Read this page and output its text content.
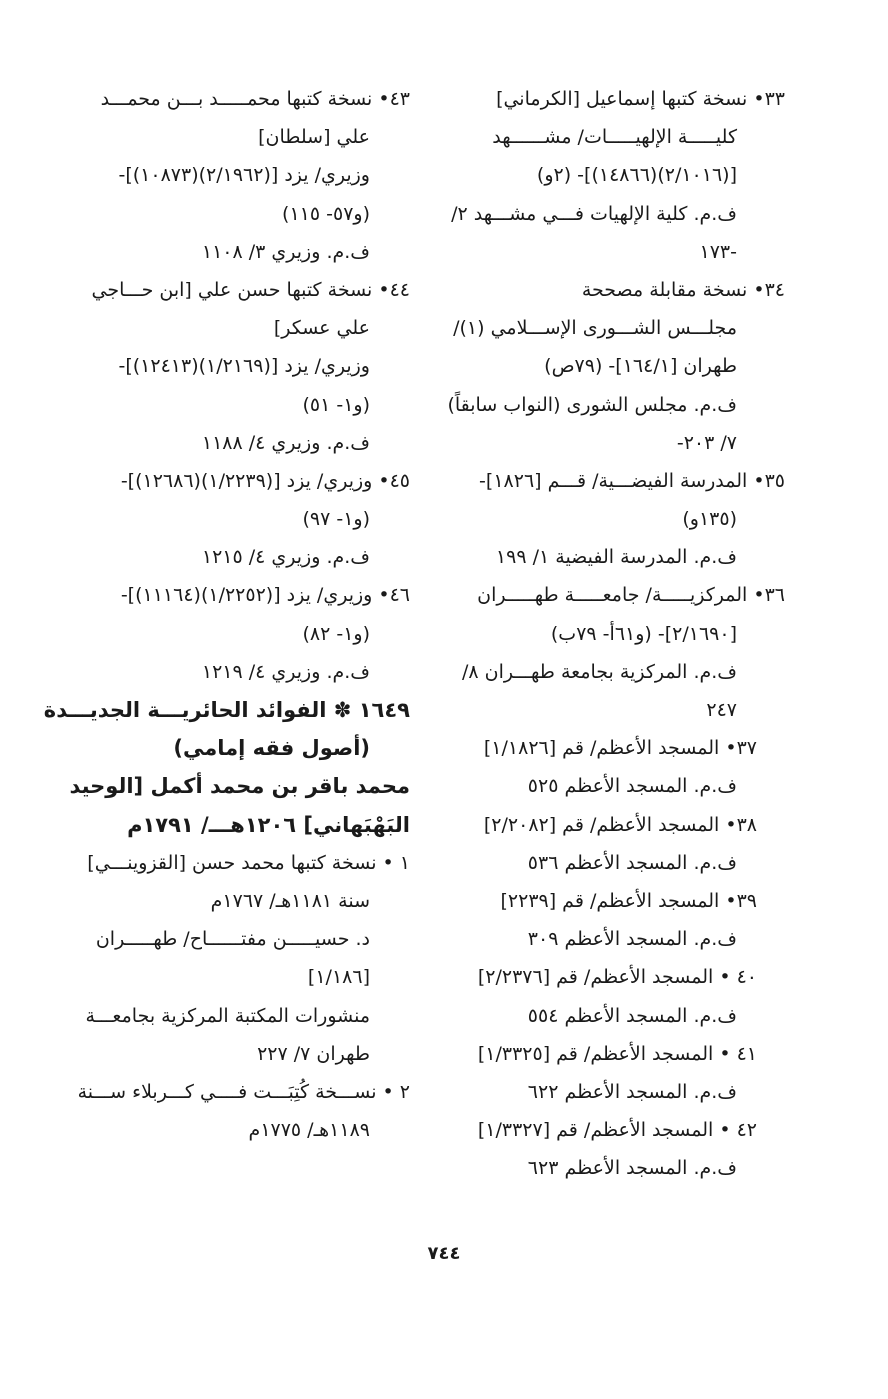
٣٣• نسخة كتبها إسماعيل [الكرماني]
كليـــــة الإلهيـــــات/ مشــــــهد
[(٢/١٠١٦)(١٤٨٦٦)]- (٢و)
ف.م. كلية الإلهيات فـــي مشـــهد ٢/
-١٧٣
٣٤• نسخة مقابلة مصححة
مجلـــس الشـــورى الإســـلامي (١)/
طهران [١٦٤/١]- (٧٩ص)
ف.م. مجلس الشورى (النواب سابقاً)
٧/ ٢٠٣-
٣٥• المدرسة الفيضـــية/ قـــم [١٨٢٦]-
(١٣٥و)
ف.م. المدرسة الفيضية ١/ ١٩٩
٣٦• المركزيـــــة/ جامعـــــة طهـــــران
[٢/١٦٩٠]- (و٦١أ- ٧٩ب)
ف.م. المركزية بجامعة طهـــران ٨/
٢٤٧
٣٧• المسجد الأعظم/ قم [١/١٨٢٦]
ف.م. المسجد الأعظم ٥٢٥
٣٨• المسجد الأعظم/ قم [٢/٢٠٨٢]
ف.م. المسجد الأعظم ٥٣٦
٣٩• المسجد الأعظم/ قم [٢٢٣٩]
ف.م. المسجد الأعظم ٣٠٩
٤٠ • المسجد الأعظم/ قم [٢/٢٣٧٦]
ف.م. المسجد الأعظم ٥٥٤
٤١ • المسجد الأعظم/ قم [١/٣٣٢٥]
ف.م. المسجد الأعظم ٦٢٢
٤٢ • المسجد الأعظم/ قم [١/٣٣٢٧]
ف.م. المسجد الأعظم ٦٢٣
٤٣• نسخة كتبها محمـــــد بـــن محمـــد
علي [سلطان]
وزيري/ يزد [(٢/١٩٦٢)(١٠٨٧٣)]-
(و٥٧- ١١٥)
ف.م. وزيري ٣/ ١١٠٨
٤٤• نسخة كتبها حسن علي [ابن حـــاجي
علي عسكر]
وزيري/ يزد [(١/٢١٦٩)(١٢٤١٣)]-
(و١- ٥١)
ف.م. وزيري ٤/ ١١٨٨
٤٥• وزيري/ يزد [(١/٢٢٣٩)(١٢٦٨٦)]-
(و١- ٩٧)
ف.م. وزيري ٤/ ١٢١٥
٤٦• وزيري/ يزد [(١/٢٢٥٢)(١١١٦٤)]-
(و١- ٨٢)
ف.م. وزيري ٤/ ١٢١٩
١٦٤٩ ✽ الفوائد الحائريـــة الجديـــدة
(أصول فقه إمامي)
محمد باقر بن محمد أكمل [الوحيد
البَهْبَهاني] ١٢٠٦هـــ/ ١٧٩١م
١ • نسخة كتبها محمد حسن [القزوينـــي]
سنة ١١٨١هـ/ ١٧٦٧م
د. حسيـــــن مفتــــــاح/ طهـــــران
[١/١٨٦]
منشورات المكتبة المركزية بجامعـــة
طهران ٧/ ٢٢٧
٢ • نســـخة كُتِبَـــت فــــي كـــربلاء ســـنة
١١٨٩هـ/ ١٧٧٥م
٧٤٤
